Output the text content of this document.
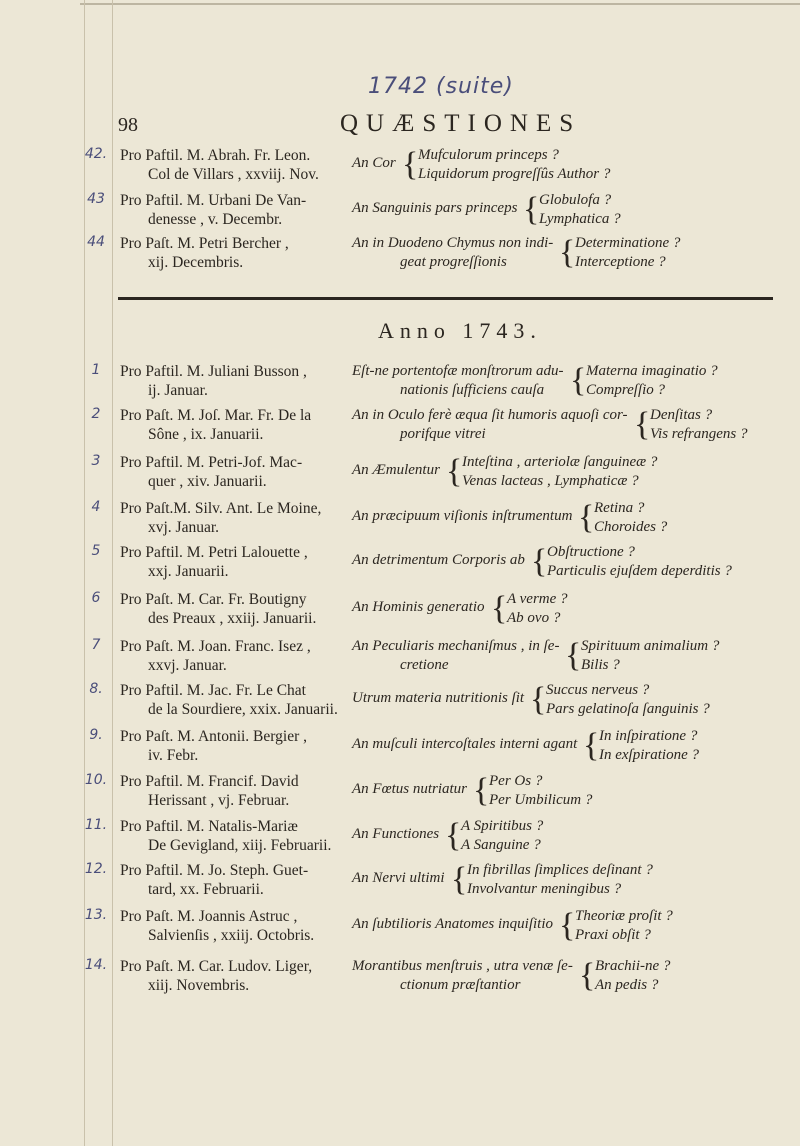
1742 (suite)
98	QUÆSTIONES
42. Pro Paftil. M. Abrah. Fr. Leon.
Col de Villars , xxviij. Nov.
An Cor { Mufculorum princeps ?
Liquidorum progreſſûs Author ?
43 Pro Paftil. M. Urbani De Van-
denesse , v. Decembr.
An Sanguinis pars princeps { Globulofa ?
Lymphatica ?
44 Pro Paſt. M. Petri Bercher ,
xij. Decembris.
An in Duodeno Chymus non indi-
geat progreſſionis	{ Determinatione ?
Interceptione ?
Anno 1743.
1	Pro Paftil. M. Juliani Busson ,
ij. Januar.
Eſt-ne portentofæ monſtrorum adu-
nationis ſufficiens cauſa { Materna imaginatio ?
Compreſſio ?
2	Pro Paſt. M. Joſ. Mar. Fr. De la
Sône , ix. Januarii.
An in Oculo ferè æqua ſit humoris aquoſi cor-
porifque vitrei	{ Denſitas ?
Vis refrangens ?
3	Pro Paftil. M. Petri-Jof. Mac-
quer , xiv. Januarii.
An Æmulentur { Inteſtina , arteriolæ ſanguineæ ?
Venas lacteas , Lymphaticæ ?
4	Pro Paſt.M. Silv. Ant. Le Moine,
xvj. Januar.
An præcipuum viſionis inſtrumentum { Retina ?
Choroides ?
5	Pro Paftil. M. Petri Lalouette ,
xxj. Januarii.
An detrimentum Corporis ab { Obſtructione ?
Particulis ejuſdem deperditis ?
6	Pro Paſt. M. Car. Fr. Boutigny
des Preaux , xxiij. Januarii.
An Hominis generatio { A verme ?
Ab ovo ?
7	Pro Paſt. M. Joan. Franc. Isez ,
xxvj. Januar.
An Peculiaris mechaniſmus , in ſe-
cretione	{ Spirituum animalium ?
Bilis ?
8.	Pro Paftil. M. Jac. Fr. Le Chat
de la Sourdiere, xxix. Januarii.
Utrum materia nutritionis ſit { Succus nerveus ?
Pars gelatinoſa ſanguinis ?
9.	Pro Paſt. M. Antonii. Bergier ,
iv. Febr.
An muſculi intercoſtales interni agant { In inſpiratione ?
In exſpiratione ?
10. Pro Paftil. M. Francif. David
Herissant , vj. Februar.
An Fœtus nutriatur { Per Os ?
Per Umbilicum ?
11. Pro Paftil. M. Natalis-Mariæ
De Gevigland, xiij. Februarii.
An Functiones { A Spiritibus ?
A Sanguine ?
12. Pro Paftil. M. Jo. Steph. Guet-
tard, xx. Februarii.
An Nervi ultimi { In fibrillas ſimplices deſinant ?
Involvantur meningibus ?
13. Pro Paſt. M. Joannis Astruc ,
Salvienſis , xxiij. Octobris.
An ſubtilioris Anatomes inquiſitio { Theoriæ proſit ?
Praxi obſit ?
14. Pro Paſt. M. Car. Ludov. Liger,
xiij. Novembris.
Morantibus menſtruis , utra venæ ſe-
ctionum præſtantior	{ Brachii-ne ?
An pedis ?
